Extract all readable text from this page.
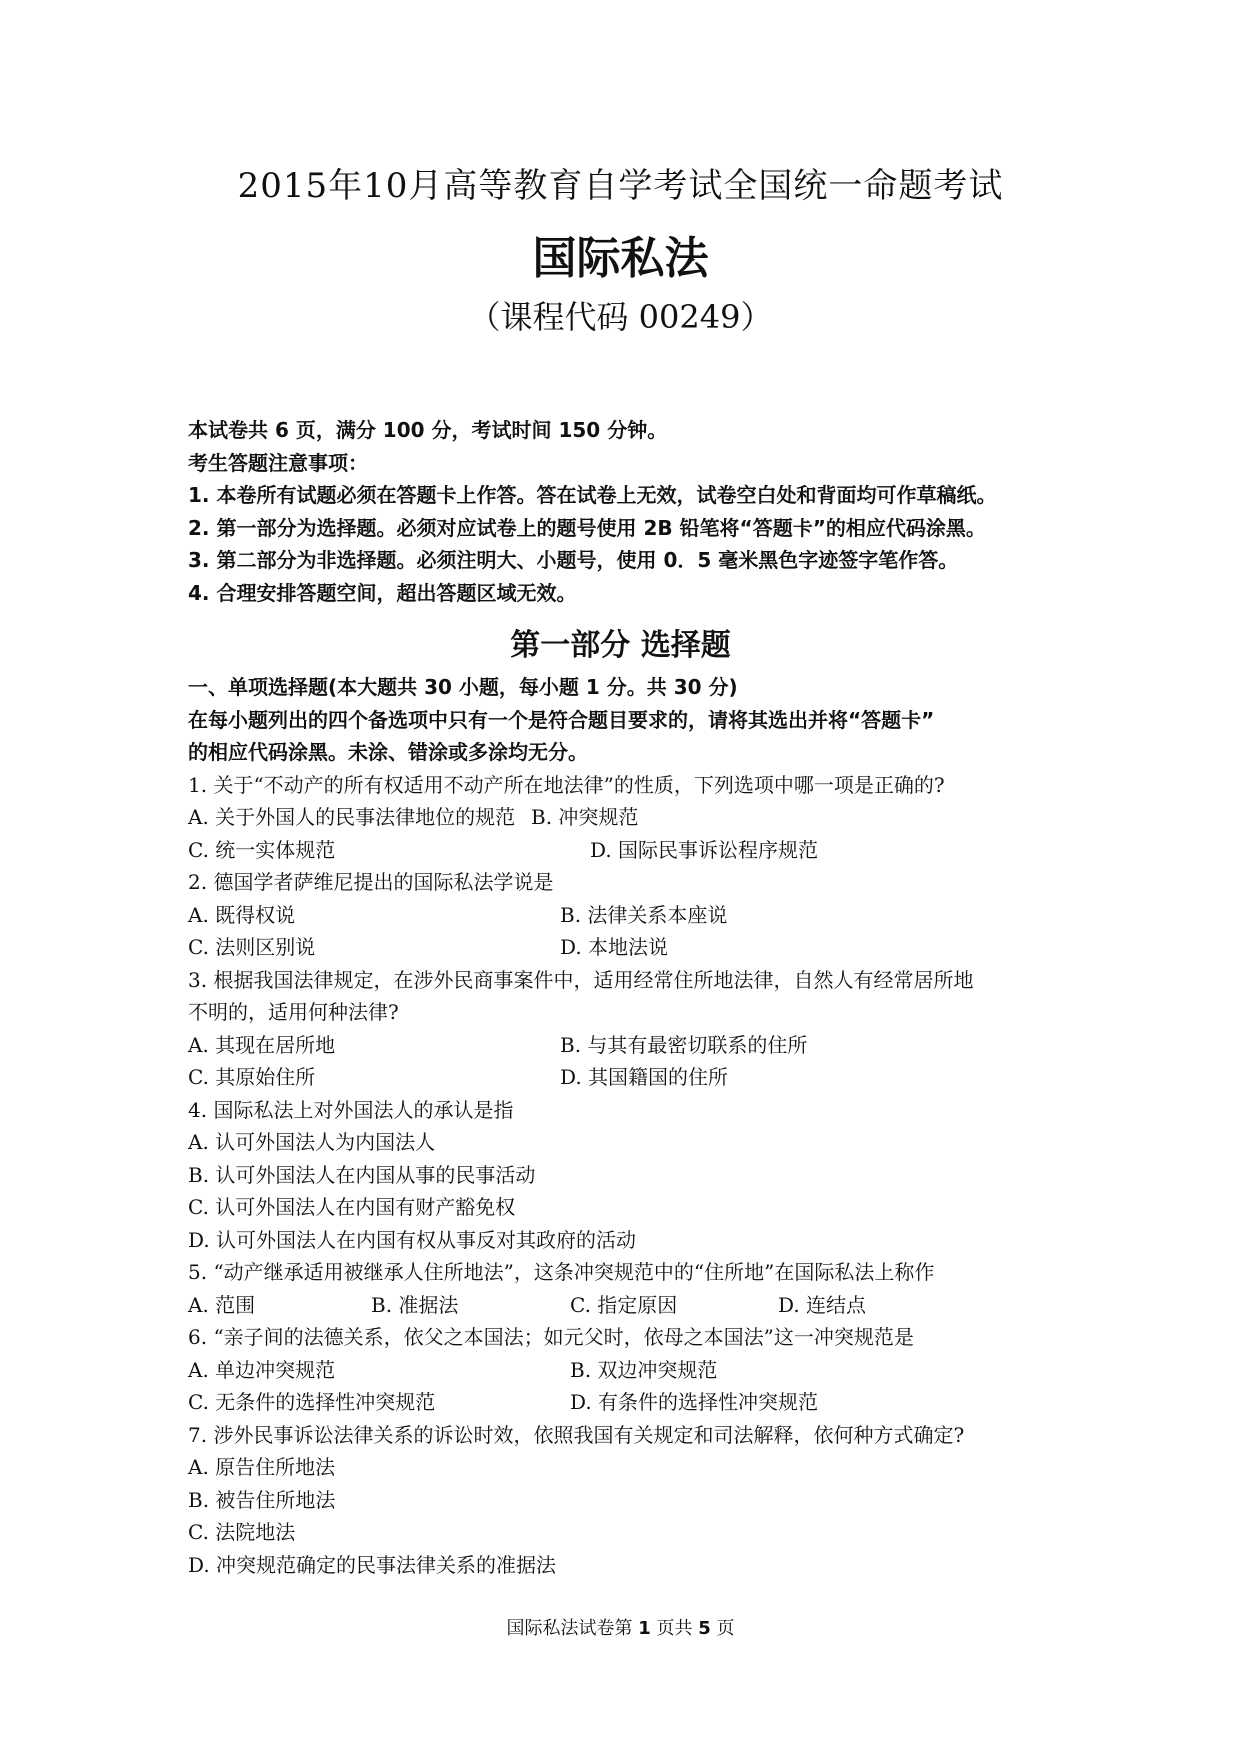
2015年10月高等教育自学考试全国统一命题考试
国际私法
（课程代码 00249）
本试卷共 6 页，满分 100 分，考试时间 150 分钟。
考生答题注意事项：
1. 本卷所有试题必须在答题卡上作答。答在试卷上无效，试卷空白处和背面均可作草稿纸。
2. 第一部分为选择题。必须对应试卷上的题号使用 2B 铅笔将“答题卡”的相应代码涂黑。
3. 第二部分为非选择题。必须注明大、小题号，使用 0．5 毫米黑色字迹签字笔作答。
4. 合理安排答题空间，超出答题区域无效。
第一部分 选择题
一、单项选择题(本大题共 30 小题，每小题 1 分。共 30 分)
在每小题列出的四个备选项中只有一个是符合题目要求的，请将其选出并将“答题卡”
的相应代码涂黑。未涂、错涂或多涂均无分。
1. 关于“不动产的所有权适用不动产所在地法律”的性质，下列选项中哪一项是正确的?
A. 关于外国人的民事法律地位的规范 B. 冲突规范
C. 统一实体规范	D. 国际民事诉讼程序规范
2. 德国学者萨维尼提出的国际私法学说是
A. 既得权说	B. 法律关系本座说
C. 法则区别说	D. 本地法说
3. 根据我国法律规定，在涉外民商事案件中，适用经常住所地法律，自然人有经常居所地
不明的，适用何种法律?
A. 其现在居所地	B. 与其有最密切联系的住所
C. 其原始住所	D. 其国籍国的住所
4. 国际私法上对外国法人的承认是指
A. 认可外国法人为内国法人
B. 认可外国法人在内国从事的民事活动
C. 认可外国法人在内国有财产豁免权
D. 认可外国法人在内国有权从事反对其政府的活动
5. “动产继承适用被继承人住所地法”，这条冲突规范中的“住所地”在国际私法上称作
A. 范围	B. 准据法	C. 指定原因	D. 连结点
6. “亲子间的法德关系，依父之本国法；如元父时，依母之本国法”这一冲突规范是
A. 单边冲突规范	B. 双边冲突规范
C. 无条件的选择性冲突规范	D. 有条件的选择性冲突规范
7. 涉外民事诉讼法律关系的诉讼时效，依照我国有关规定和司法解释，依何种方式确定?
A. 原告住所地法
B. 被告住所地法
C. 法院地法
D. 冲突规范确定的民事法律关系的准据法
国际私法试卷第 1 页共 5 页
